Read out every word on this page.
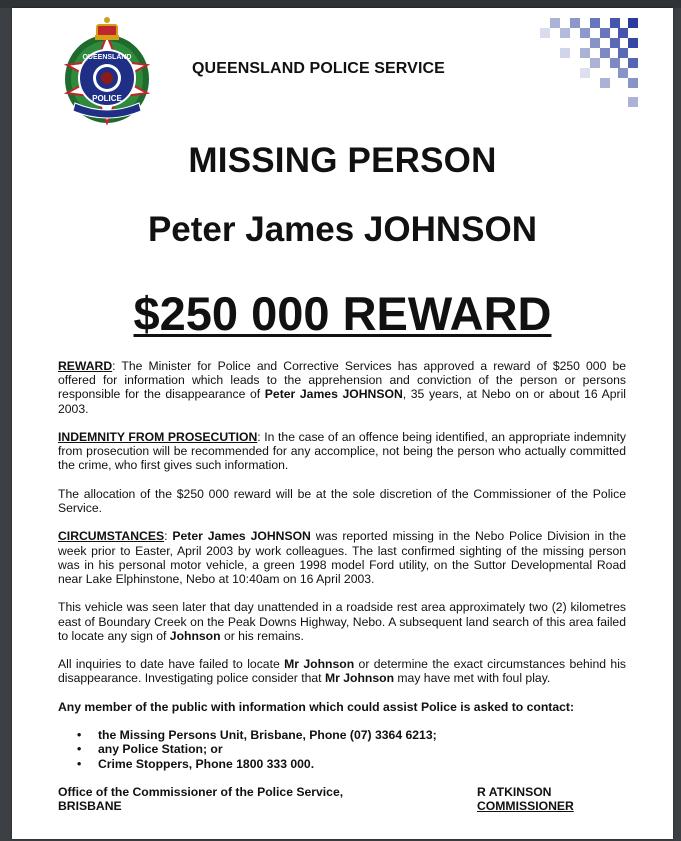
QUEENSLAND
POLICE
QUEENSLAND POLICE SERVICE
MISSING PERSON
Peter James JOHNSON
$250 000 REWARD

REWARD: The Minister for Police and Corrective Services has approved a reward of $250 000 be offered for information which leads to the apprehension and conviction of the person or persons responsible for the disappearance of Peter James JOHNSON, 35 years, at Nebo on or about 16 April 2003.

INDEMNITY FROM PROSECUTION: In the case of an offence being identified, an appropriate indemnity from prosecution will be recommended for any accomplice, not being the person who actually committed the crime, who first gives such information.

The allocation of the $250 000 reward will be at the sole discretion of the Commissioner of the Police Service.

CIRCUMSTANCES: Peter James JOHNSON was reported missing in the Nebo Police Division in the week prior to Easter, April 2003 by work colleagues. The last confirmed sighting of the missing person was in his personal motor vehicle, a green 1998 model Ford utility, on the Suttor Developmental Road near Lake Elphinstone, Nebo at 10:40am on 16 April 2003.

This vehicle was seen later that day unattended in a roadside rest area approximately two (2) kilometres east of Boundary Creek on the Peak Downs Highway, Nebo. A subsequent land search of this area failed to locate any sign of Johnson or his remains.

All inquiries to date have failed to locate Mr Johnson or determine the exact circumstances behind his disappearance. Investigating police consider that Mr Johnson may have met with foul play.

Any member of the public with information which could assist Police is asked to contact:

• the Missing Persons Unit, Brisbane, Phone (07) 3364 6213;
• any Police Station; or
• Crime Stoppers, Phone 1800 333 000.
Office of the Commissioner of the Police Service,
BRISBANE
R ATKINSON
COMMISSIONER
